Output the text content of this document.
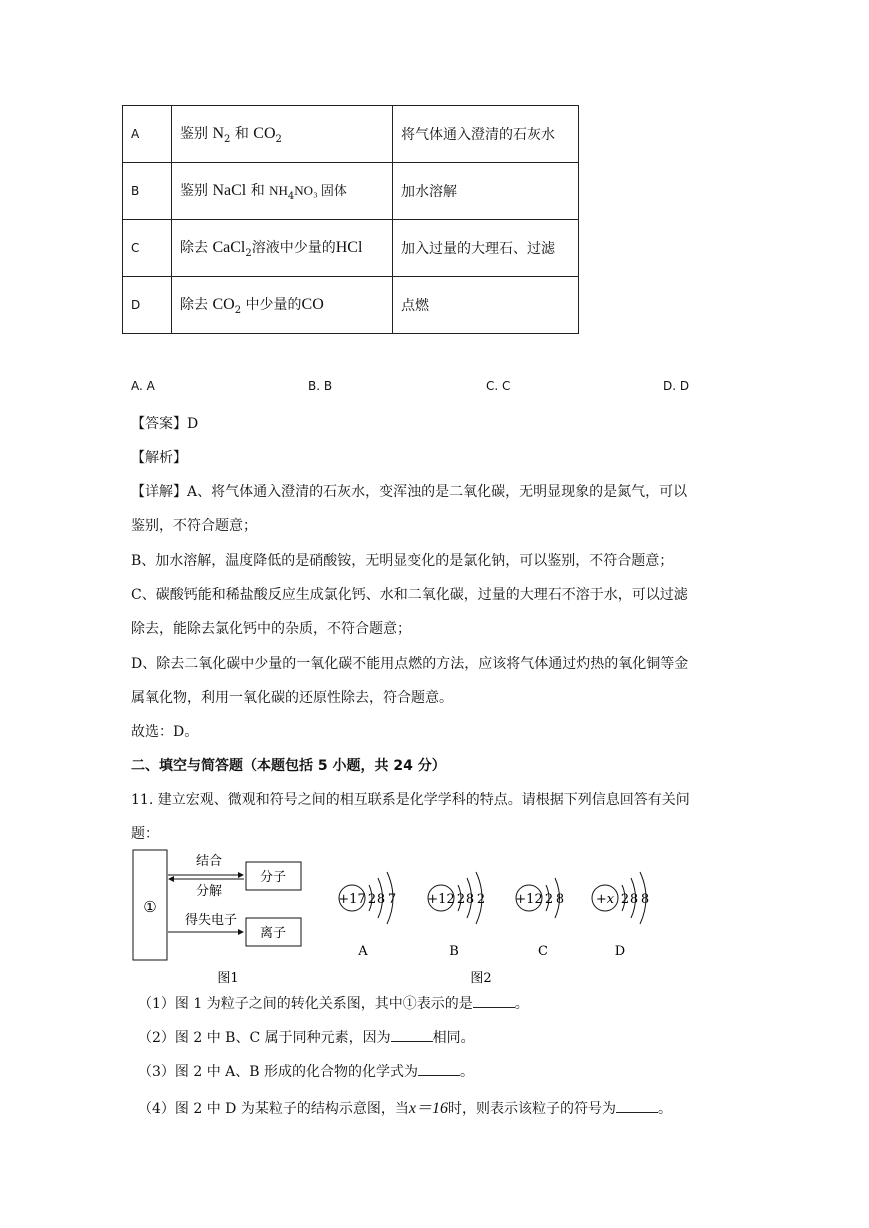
A	鉴别 $N_2$ 和 $CO_2$	将气体通入澄清的石灰水
B	鉴别 NaCl 和 $NH_4NO_3$ 固体	加水溶解
C	除去 CaCl$_2$溶液中少量的HCl	加入过量的大理石、过滤
D	除去 $CO_2$ 中少量的CO	点燃
A. A	B. B	C. C	D. D
【答案】D
【解析】
【详解】A、将气体通入澄清的石灰水，变浑浊的是二氧化碳，无明显现象的是氮气，可以
鉴别，不符合题意；
B、加水溶解，温度降低的是硝酸铵，无明显变化的是氯化钠，可以鉴别，不符合题意；
C、碳酸钙能和稀盐酸反应生成氯化钙、水和二氧化碳，过量的大理石不溶于水，可以过滤
除去，能除去氯化钙中的杂质，不符合题意；
D、除去二氧化碳中少量的一氧化碳不能用点燃的方法，应该将气体通过灼热的氧化铜等金
属氧化物，利用一氧化碳的还原性除去，符合题意。
故选：D。
二、填空与简答题（本题包括 5 小题，共 24 分）
11. 建立宏观、微观和符号之间的相互联系是化学学科的特点。请根据下列信息回答有关问
题：
①
结合
分解
分子
得失电子
离子
图1
+17 2 8 7
A
+12 2 8 2
B
图2
+12 2 8
C
+x 2 8 8
D
（1）图 1 为粒子之间的转化关系图，其中①表示的是	。
（2）图 2 中 B、C 属于同种元素，因为	相同。
（3）图 2 中 A、B 形成的化合物的化学式为	。
（4）图 2 中 D 为某粒子的结构示意图，当x＝16时，则表示该粒子的符号为	。
